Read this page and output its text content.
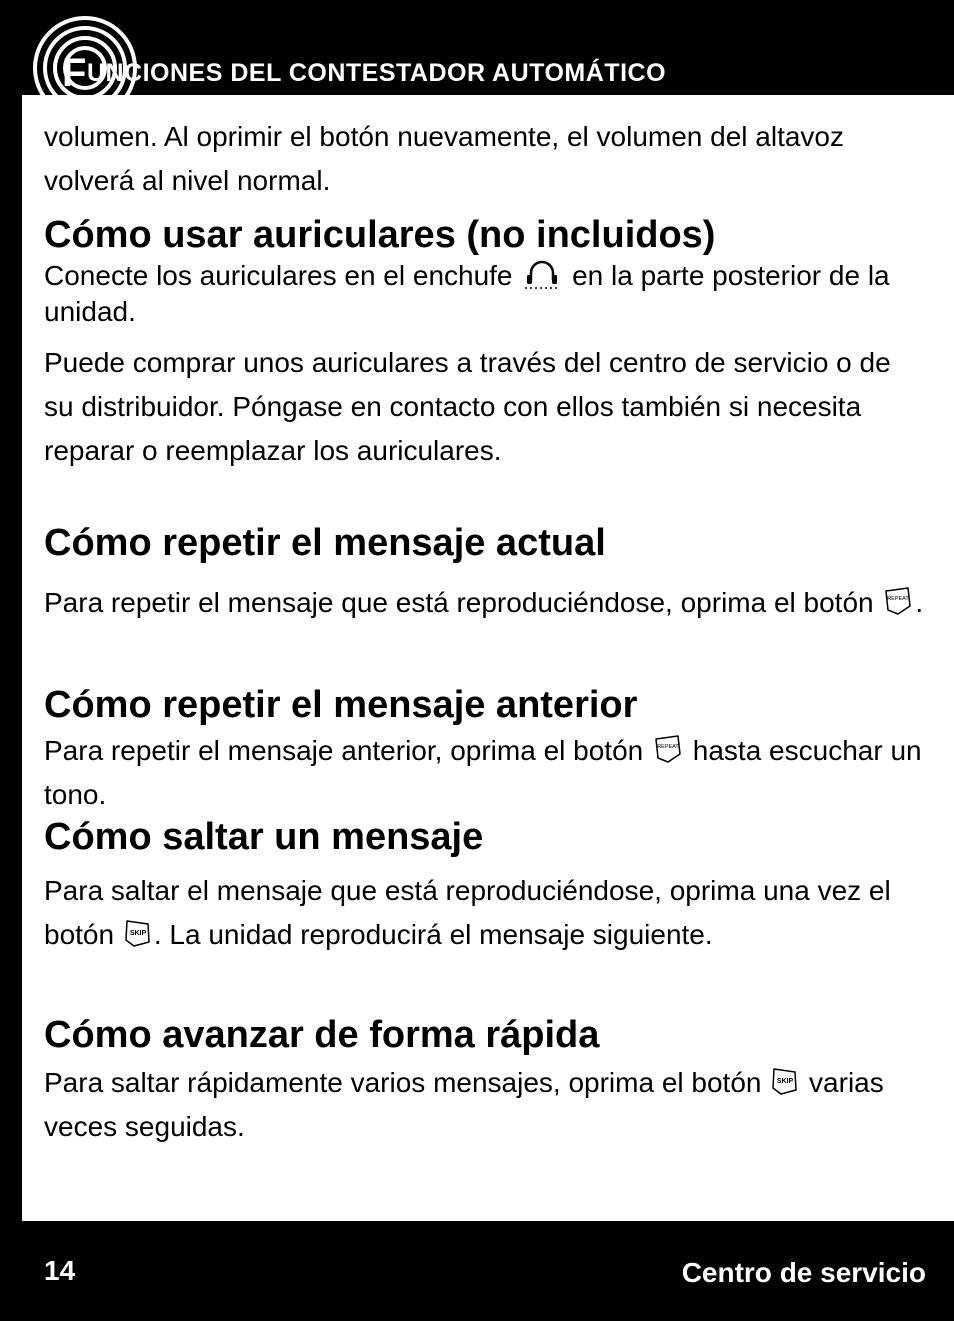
FUNCIONES DEL CONTESTADOR AUTOMÁTICO

volumen. Al oprimir el botón nuevamente, el volumen del altavoz volverá al nivel normal.

Cómo usar auriculares (no incluidos)

Conecte los auriculares en el enchufe en la parte posterior de la unidad.

Puede comprar unos auriculares a través del centro de servicio o de su distribuidor. Póngase en contacto con ellos también si necesita reparar o reemplazar los auriculares.

Cómo repetir el mensaje actual

Para repetir el mensaje que está reproduciéndose, oprima el botón	REPEAT .

Cómo repetir el mensaje anterior

Para repetir el mensaje anterior, oprima el botón	REPEAT hasta escuchar un tono.

Cómo saltar un mensaje

Para saltar el mensaje que está reproduciéndose, oprima una vez el botón SKIP . La unidad reproducirá el mensaje siguiente.

Cómo avanzar de forma rápida

Para saltar rápidamente varios mensajes, oprima el botón SKIP varias veces seguidas.

14	Centro de servicio
